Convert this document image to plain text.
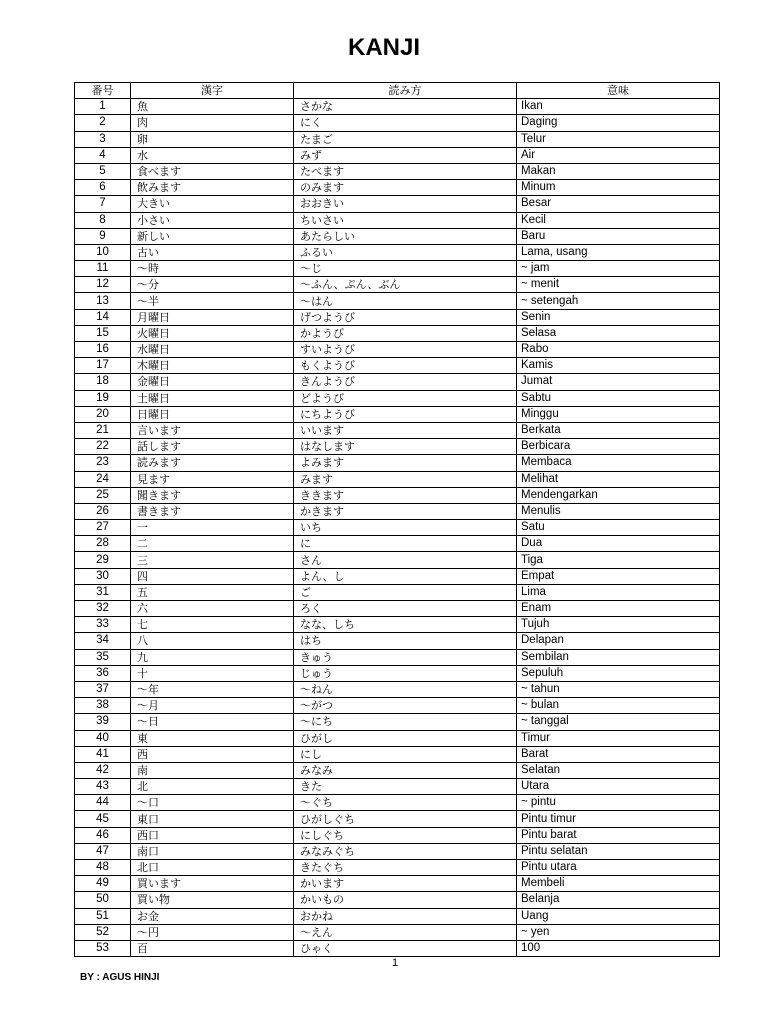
KANJI
番号	漢字	読み方	意味
1	魚	さかな	Ikan
2	肉	にく	Daging
3	卵	たまご	Telur
4	水	みず	Air
5	食べます	たべます	Makan
6	飲みます	のみます	Minum
7	大きい	おおきい	Besar
8	小さい	ちいさい	Kecil
9	新しい	あたらしい	Baru
10	古い	ふるい	Lama, usang
11	～時	～じ	~ jam
12	～分	～ふん、ぷん、ぶん	~ menit
13	～半	～はん	~ setengah
14	月曜日	げつようび	Senin
15	火曜日	かようび	Selasa
16	水曜日	すいようび	Rabo
17	木曜日	もくようび	Kamis
18	金曜日	きんようび	Jumat
19	土曜日	どようび	Sabtu
20	日曜日	にちようび	Minggu
21	言います	いいます	Berkata
22	話します	はなします	Berbicara
23	読みます	よみます	Membaca
24	見ます	みます	Melihat
25	聞きます	ききます	Mendengarkan
26	書きます	かきます	Menulis
27	一	いち	Satu
28	二	に	Dua
29	三	さん	Tiga
30	四	よん、し	Empat
31	五	ご	Lima
32	六	ろく	Enam
33	七	なな、しち	Tujuh
34	八	はち	Delapan
35	九	きゅう	Sembilan
36	十	じゅう	Sepuluh
37	～年	～ねん	~ tahun
38	～月	～がつ	~ bulan
39	～日	～にち	~ tanggal
40	東	ひがし	Timur
41	西	にし	Barat
42	南	みなみ	Selatan
43	北	きた	Utara
44	～口	～ぐち	~ pintu
45	東口	ひがしぐち	Pintu timur
46	西口	にしぐち	Pintu barat
47	南口	みなみぐち	Pintu selatan
48	北口	きたぐち	Pintu utara
49	買います	かいます	Membeli
50	買い物	かいもの	Belanja
51	お金	おかね	Uang
52	～円	～えん	~ yen
53	百	ひゃく	100
1
BY : AGUS HINJI
